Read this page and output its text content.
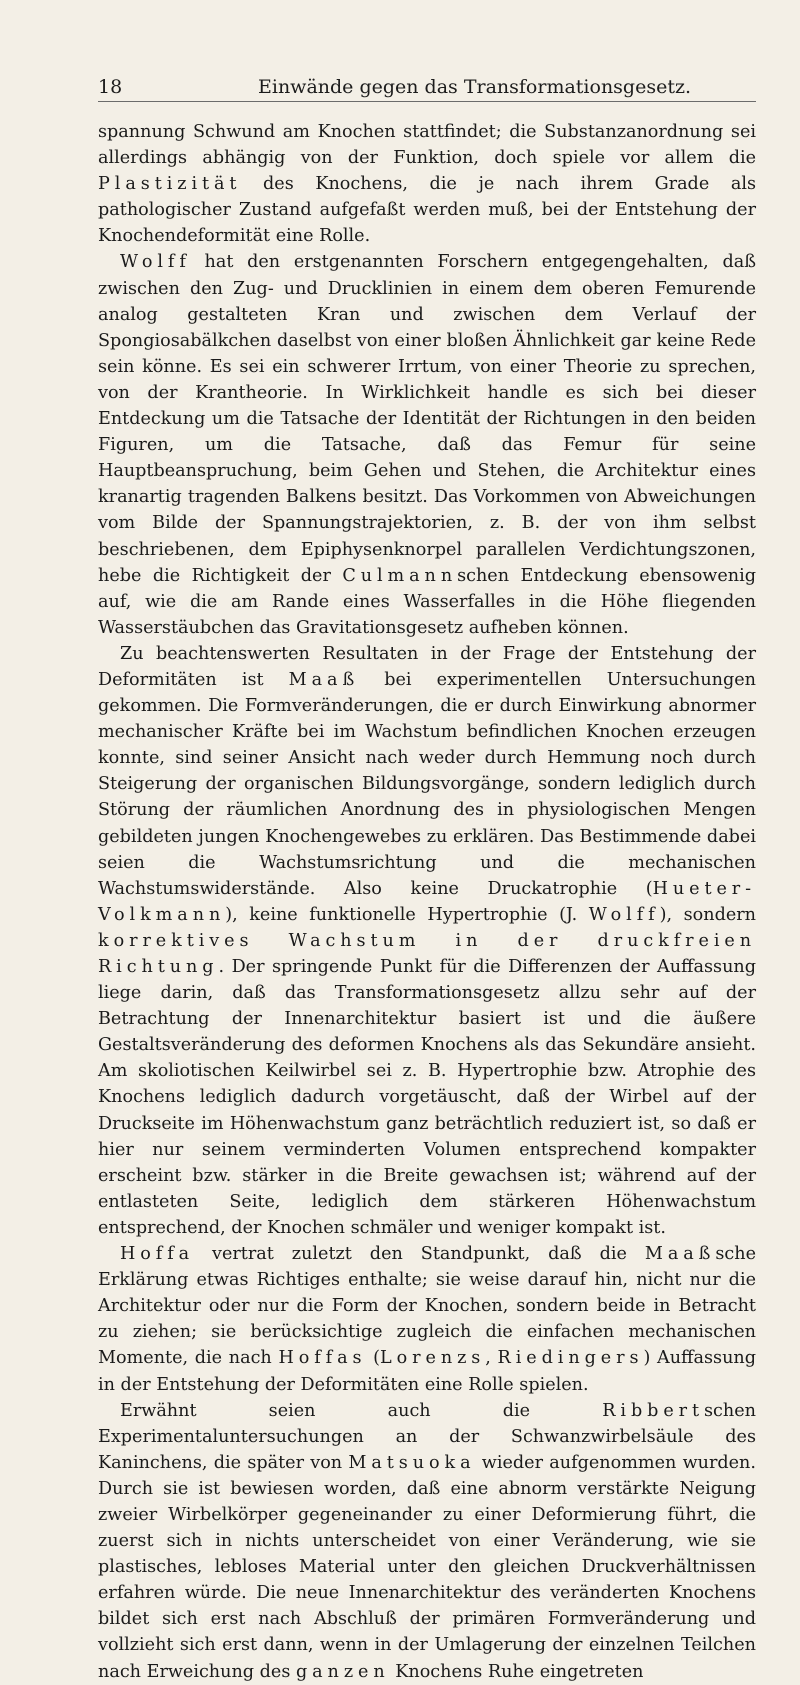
18	Einwände gegen das Transformationsgesetz.

spannung Schwund am Knochen stattfindet; die Substanzanordnung sei allerdings abhängig von der Funktion, doch spiele vor allem die Plastizität des Knochens, die je nach ihrem Grade als pathologischer Zustand aufgefaßt werden muß, bei der Entstehung der Knochendeformität eine Rolle.

Wolff hat den erstgenannten Forschern entgegengehalten, daß zwischen den Zug- und Drucklinien in einem dem oberen Femurende analog gestalteten Kran und zwischen dem Verlauf der Spongiosabälkchen daselbst von einer bloßen Ähnlichkeit gar keine Rede sein könne. Es sei ein schwerer Irrtum, von einer Theorie zu sprechen, von der Krantheorie. In Wirklichkeit handle es sich bei dieser Entdeckung um die Tatsache der Identität der Richtungen in den beiden Figuren, um die Tatsache, daß das Femur für seine Hauptbeanspruchung, beim Gehen und Stehen, die Architektur eines kranartig tragenden Balkens besitzt. Das Vorkommen von Abweichungen vom Bilde der Spannungstrajektorien, z. B. der von ihm selbst beschriebenen, dem Epiphysenknorpel parallelen Verdichtungszonen, hebe die Richtigkeit der Culmannschen Entdeckung ebensowenig auf, wie die am Rande eines Wasserfalles in die Höhe fliegenden Wasserstäubchen das Gravitationsgesetz aufheben können.

Zu beachtenswerten Resultaten in der Frage der Entstehung der Deformitäten ist Maaß bei experimentellen Untersuchungen gekommen. Die Formveränderungen, die er durch Einwirkung abnormer mechanischer Kräfte bei im Wachstum befindlichen Knochen erzeugen konnte, sind seiner Ansicht nach weder durch Hemmung noch durch Steigerung der organischen Bildungsvorgänge, sondern lediglich durch Störung der räumlichen Anordnung des in physiologischen Mengen gebildeten jungen Knochengewebes zu erklären. Das Bestimmende dabei seien die Wachstumsrichtung und die mechanischen Wachstumswiderstände. Also keine Druckatrophie (Hueter-Volkmann), keine funktionelle Hypertrophie (J. Wolff), sondern korrektives Wachstum in der druckfreien Richtung. Der springende Punkt für die Differenzen der Auffassung liege darin, daß das Transformationsgesetz allzu sehr auf der Betrachtung der Innenarchitektur basiert ist und die äußere Gestaltsveränderung des deformen Knochens als das Sekundäre ansieht. Am skoliotischen Keilwirbel sei z. B. Hypertrophie bzw. Atrophie des Knochens lediglich dadurch vorgetäuscht, daß der Wirbel auf der Druckseite im Höhenwachstum ganz beträchtlich reduziert ist, so daß er hier nur seinem verminderten Volumen entsprechend kompakter erscheint bzw. stärker in die Breite gewachsen ist; während auf der entlasteten Seite, lediglich dem stärkeren Höhenwachstum entsprechend, der Knochen schmäler und weniger kompakt ist.

Hoffa vertrat zuletzt den Standpunkt, daß die Maaßsche Erklärung etwas Richtiges enthalte; sie weise darauf hin, nicht nur die Architektur oder nur die Form der Knochen, sondern beide in Betracht zu ziehen; sie berücksichtige zugleich die einfachen mechanischen Momente, die nach Hoffas (Lorenzs, Riedingers) Auffassung in der Entstehung der Deformitäten eine Rolle spielen.

Erwähnt seien auch die Ribbertschen Experimentaluntersuchungen an der Schwanzwirbelsäule des Kaninchens, die später von Matsuoka wieder aufgenommen wurden. Durch sie ist bewiesen worden, daß eine abnorm verstärkte Neigung zweier Wirbelkörper gegeneinander zu einer Deformierung führt, die zuerst sich in nichts unterscheidet von einer Veränderung, wie sie plastisches, lebloses Material unter den gleichen Druckverhältnissen erfahren würde. Die neue Innenarchitektur des veränderten Knochens bildet sich erst nach Abschluß der primären Formveränderung und vollzieht sich erst dann, wenn in der Umlagerung der einzelnen Teilchen nach Erweichung des ganzen Knochens Ruhe eingetreten
